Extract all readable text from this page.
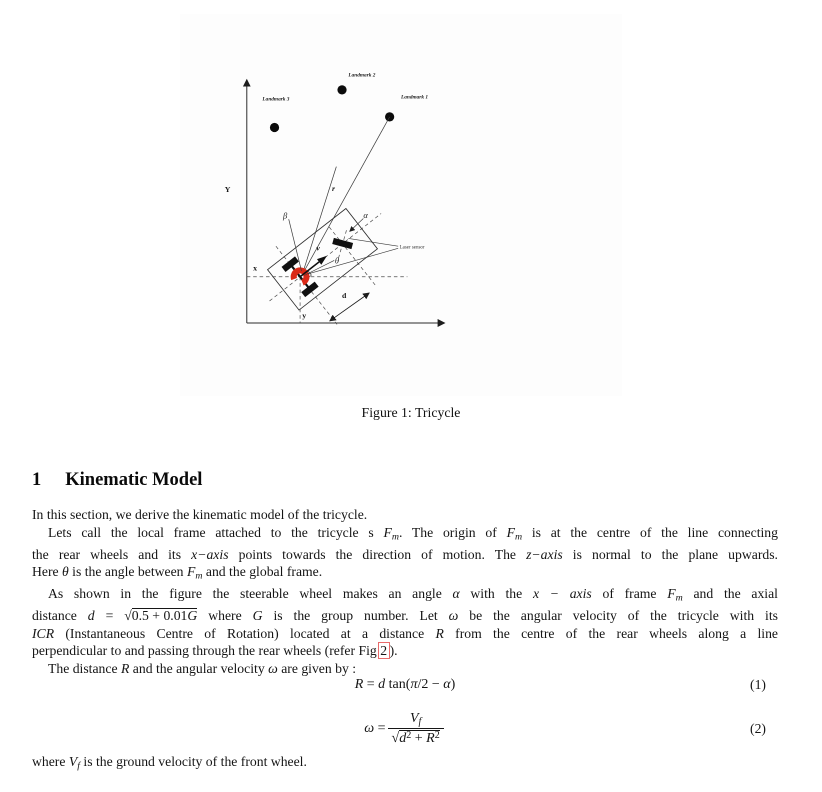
Y
Landmark 3
Landmark 2
Landmark 1
r
d
β	α
θ
v
x
y
Laser sensor
Figure 1: Tricycle
1 Kinematic Model
In this section, we derive the kinematic model of the tricycle.
Lets call the local frame attached to the tricycle s Fm. The origin of Fm is at the centre of the line connecting
the rear wheels and its x−axis points towards the direction of motion. The z−axis is normal to the plane upwards.
Here θ is the angle between Fm and the global frame.
As shown in the figure the steerable wheel makes an angle α with the x − axis of frame Fm and the axial
distance d = √0.5 + 0.01G where G is the group number. Let ω be the angular velocity of the tricycle with its
ICR (Instantaneous Centre of Rotation) located at a distance R from the centre of the rear wheels along a line
perpendicular to and passing through the rear wheels (refer Fig 2 ).
The distance R and the angular velocity ω are given by :
R = d tan(π/2 − α)	(1)
$\omega = \frac{Vf}{√d^2 + R^2}$	(2)
where Vf is the ground velocity of the front wheel.
